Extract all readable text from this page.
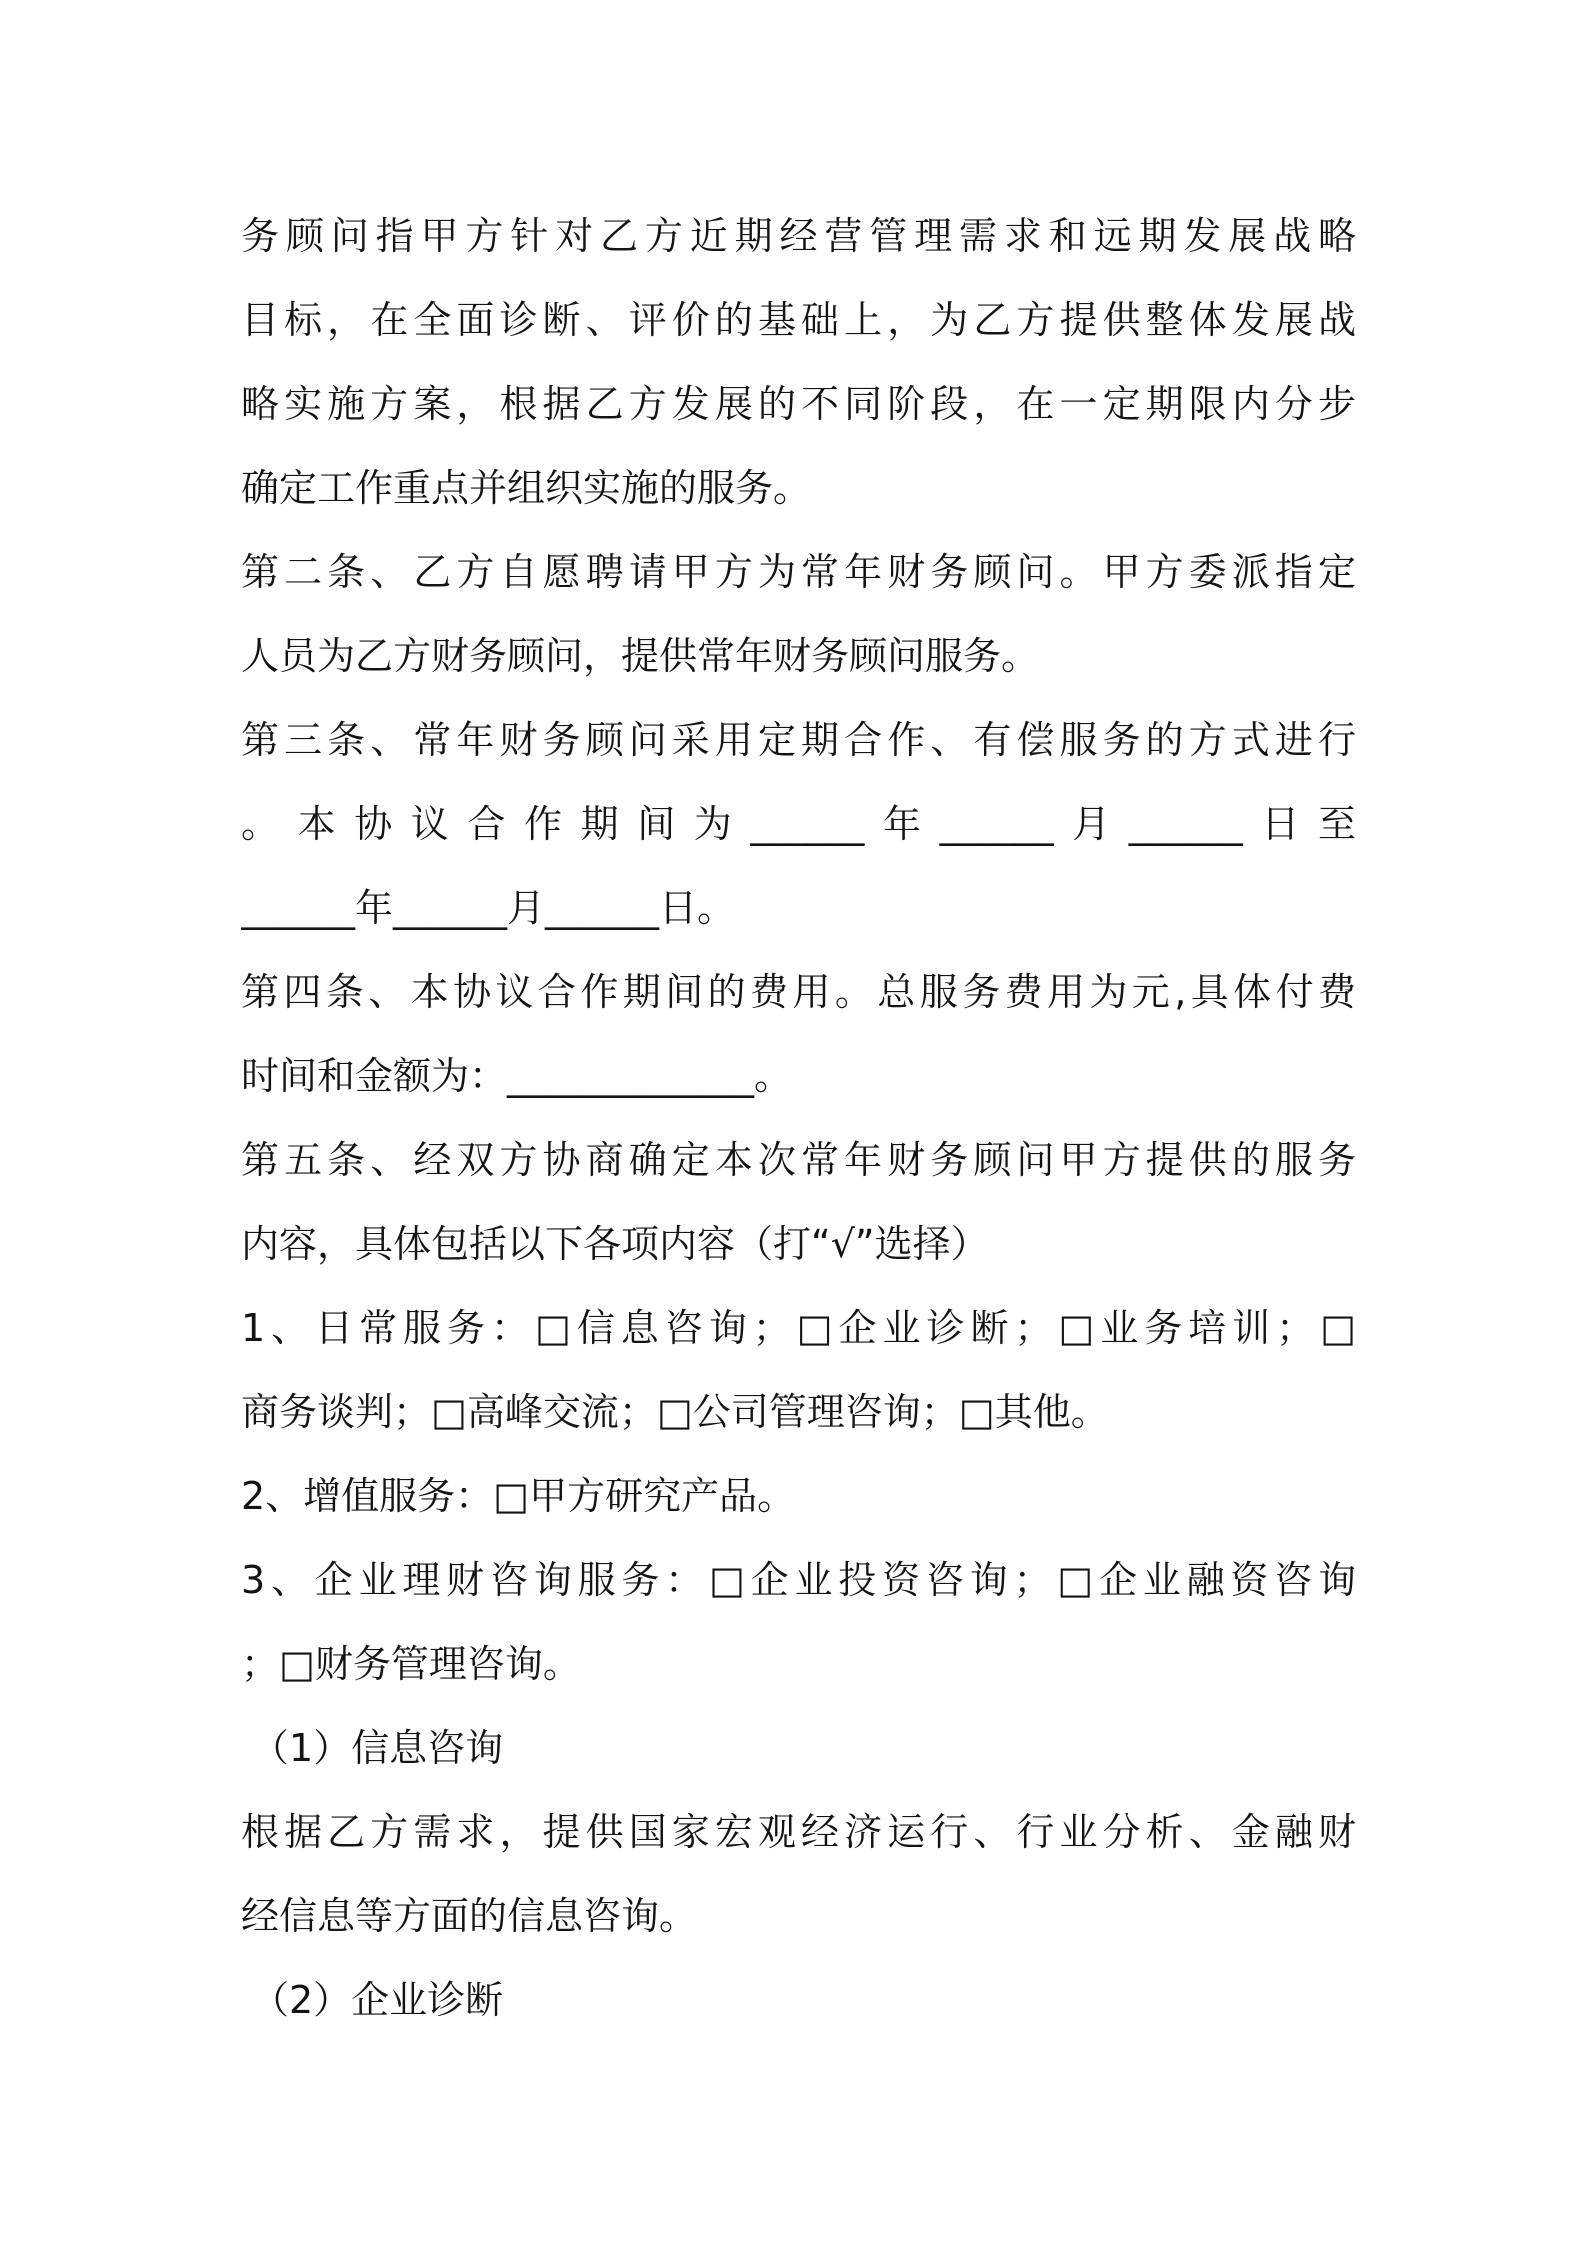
务顾问指甲方针对乙方近期经营管理需求和远期发展战略
目标，在全面诊断、评价的基础上，为乙方提供整体发展战
略实施方案，根据乙方发展的不同阶段，在一定期限内分步
确定工作重点并组织实施的服务。
第二条、乙方自愿聘请甲方为常年财务顾问。甲方委派指定
人员为乙方财务顾问，提供常年财务顾问服务。
第三条、常年财务顾问采用定期合作、有偿服务的方式进行
。本协议合作期间为______年______月______日至
______年______月______日。
第四条、本协议合作期间的费用。总服务费用为元,具体付费
时间和金额为：_____________。
第五条、经双方协商确定本次常年财务顾问甲方提供的服务
内容，具体包括以下各项内容（打“√”选择）
1、日常服务：□信息咨询；□企业诊断；□业务培训；□
商务谈判；□高峰交流；□公司管理咨询；□其他。
2、增值服务：□甲方研究产品。
3、企业理财咨询服务：□企业投资咨询；□企业融资咨询
；□财务管理咨询。
（1）信息咨询
根据乙方需求，提供国家宏观经济运行、行业分析、金融财
经信息等方面的信息咨询。
（2）企业诊断
